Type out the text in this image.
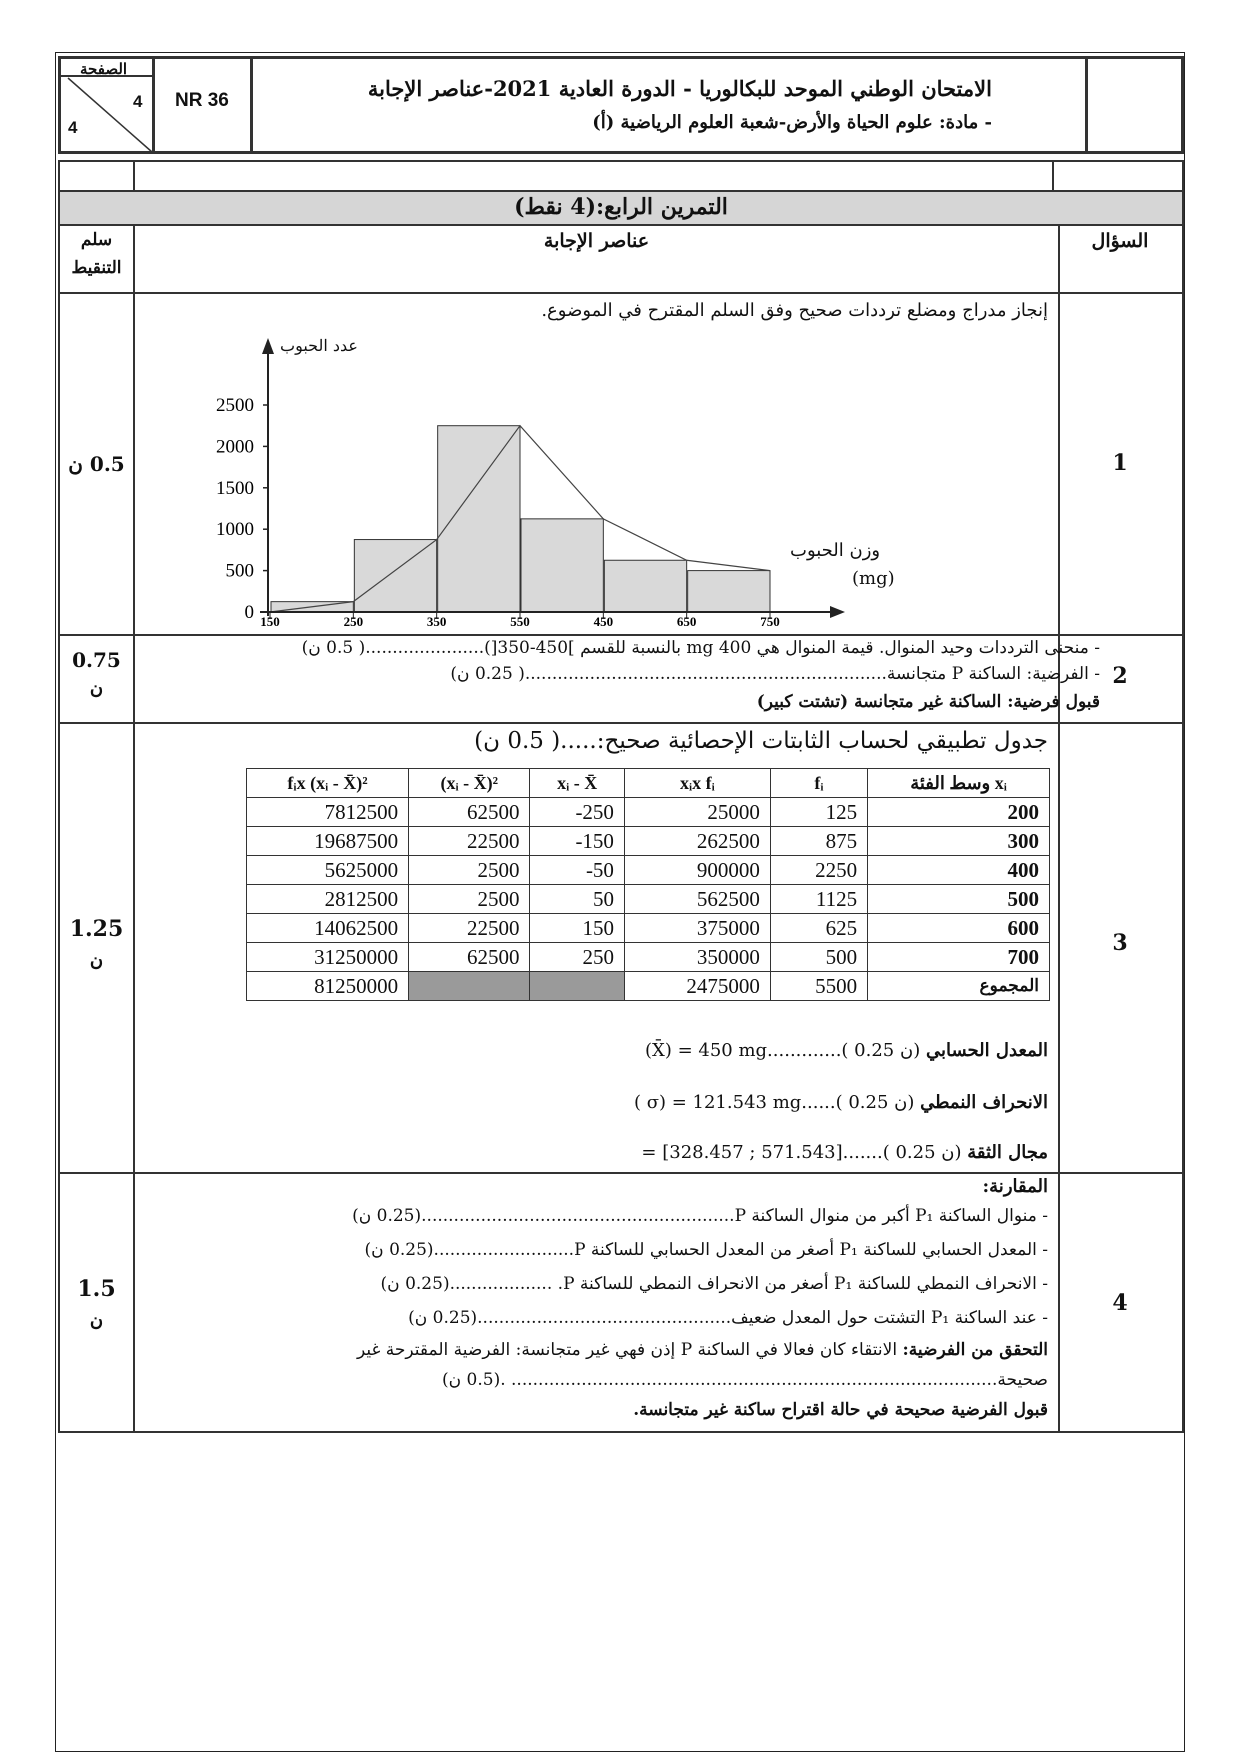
الصفحة
4
4
NR 36	الامتحان الوطني الموحد للبكالوريا - الدورة العادية 2021-عناصر الإجابة
- مادة: علوم الحياة والأرض-شعبة العلوم الرياضية (أ)
التمرين الرابع:(4 نقط)
السؤال
عناصر الإجابة
سلم
التنقيط
1
0.5 ن
إنجاز مدراج ومضلع ترددات صحيح وفق السلم المقترح في الموضوع.
2500
2000
1500
1000
500
0 150	250	350	550	450	650	750
عدد الحبوب
وزن الحبوب
(mg)
2
0.75
ن
- منحنى الترددات وحيد المنوال. قيمة المنوال هي mg 400 بالنسبة للقسم ]450-350[)......................( 0.5 ن)
- الفرضية: الساكنة P متجانسة...................................................................( 0.25 ن)
قبول فرضية: الساكنة غير متجانسة (تشتت كبير)
3
1.25
ن
جدول تطبيقي لحساب الثابتات الإحصائية صحيح:.....( 0.5 ن)
fᵢx (xᵢ - X̄)²	(xᵢ - X̄)²	xᵢ - X̄	xᵢx fᵢ	fᵢ	xᵢ وسط الفئة
7812500	62500	-250	25000	125	200
19687500	22500	-150	262500	875	300
5625000	2500	-50	900000	2250	400
2812500	2500	50	562500	1125	500
14062500	22500	150	375000	625	600
31250000	62500	250	350000	500	700
81250000			2475000	5500	المجموع
المعدل الحسابي (X̄) = 450 mg.............( 0.25 ن)
الانحراف النمطي ( σ) = 121.543 mg......( 0.25 ن)
مجال الثقة = [328.457 ; 571.543].......( 0.25 ن)
4
1.5
ن
المقارنة:
- منوال الساكنة P₁ أكبر من منوال الساكنة P..........................................................(0.25 ن)
- المعدل الحسابي للساكنة P₁ أصغر من المعدل الحسابي للساكنة P..........................(0.25 ن)
- الانحراف النمطي للساكنة P₁ أصغر من الانحراف النمطي للساكنة P. ...................(0.25 ن)
- عند الساكنة P₁ التشتت حول المعدل ضعيف...............................................(0.25 ن)
التحقق من الفرضية: الانتقاء كان فعالا في الساكنة P إذن فهي غير متجانسة: الفرضية المقترحة غير
صحيحة.......................................................................................... .(0.5 ن)
قبول الفرضية صحيحة في حالة اقتراح ساكنة غير متجانسة.
